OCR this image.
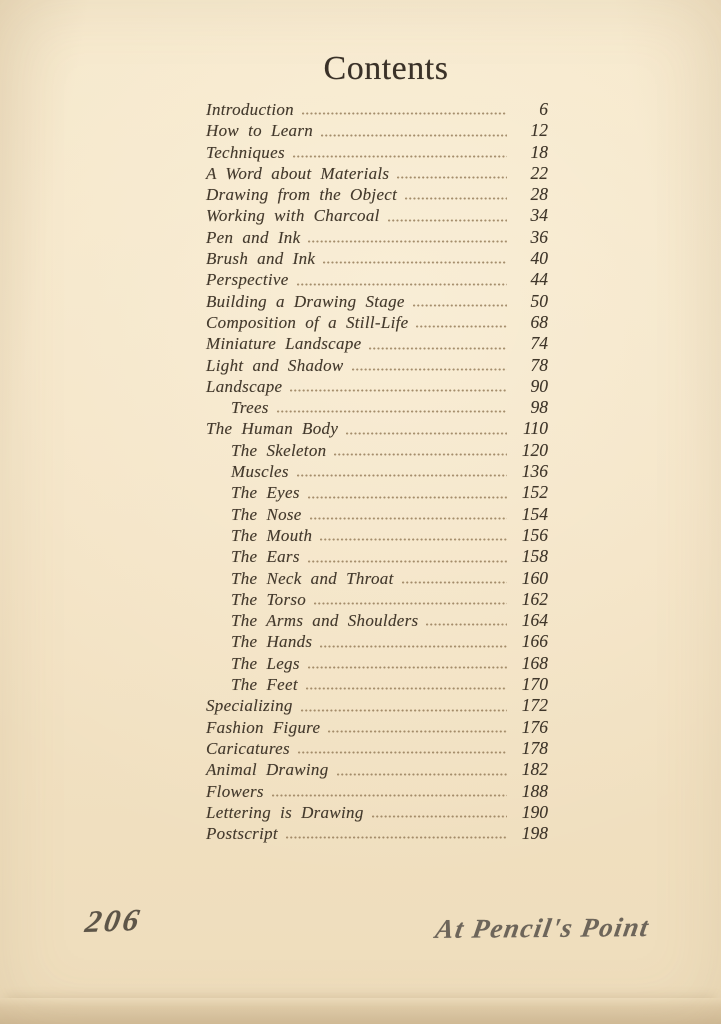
Contents
Introduction	6
How to Learn	12
Techniques	18
A Word about Materials	22
Drawing from the Object	28
Working with Charcoal	34
Pen and Ink	36
Brush and Ink	40
Perspective	44
Building a Drawing Stage	50
Composition of a Still-Life	68
Miniature Landscape	74
Light and Shadow	78
Landscape	90
Trees	98
The Human Body	110
The Skeleton	120
Muscles	136
The Eyes	152
The Nose	154
The Mouth	156
The Ears	158
The Neck and Throat	160
The Torso	162
The Arms and Shoulders	164
The Hands	166
The Legs	168
The Feet	170
Specializing	172
Fashion Figure	176
Caricatures	178
Animal Drawing	182
Flowers	188
Lettering is Drawing	190
Postscript	198
206	At Pencil's Point
